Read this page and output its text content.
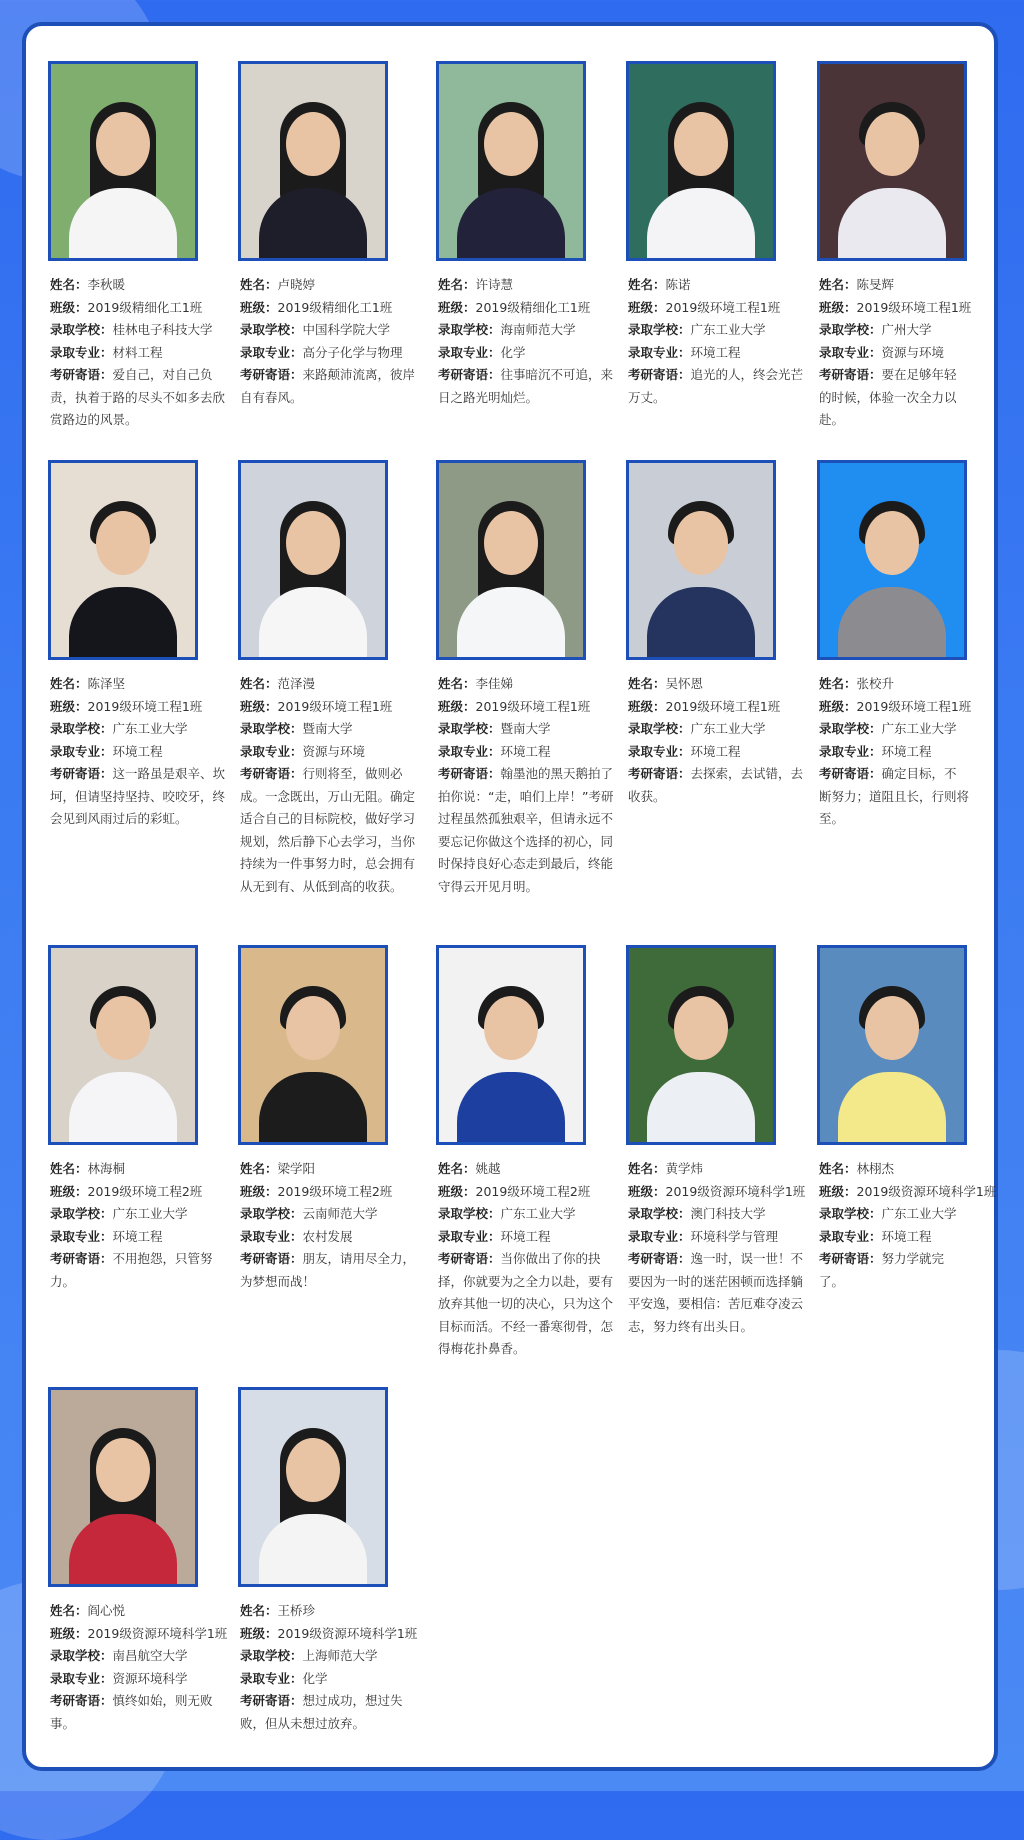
姓名：李秋暖
班级：2019级精细化工1班
录取学校：桂林电子科技大学
录取专业：材料工程
考研寄语：爱自己，对自己负责，执着于路的尽头不如多去欣赏路边的风景。
姓名：卢晓婷
班级：2019级精细化工1班
录取学校：中国科学院大学
录取专业：高分子化学与物理
考研寄语：来路颠沛流离，彼岸自有春风。
姓名：许诗慧
班级：2019级精细化工1班
录取学校：海南师范大学
录取专业：化学
考研寄语：往事暗沉不可追，来日之路光明灿烂。
姓名：陈诺
班级：2019级环境工程1班
录取学校：广东工业大学
录取专业：环境工程
考研寄语：追光的人，终会光芒万丈。
姓名：陈旻辉
班级：2019级环境工程1班
录取学校：广州大学
录取专业：资源与环境
考研寄语：要在足够年轻的时候，体验一次全力以赴。
姓名：陈泽坚
班级：2019级环境工程1班
录取学校：广东工业大学
录取专业：环境工程
考研寄语：这一路虽是艰辛、坎坷，但请坚持坚持、咬咬牙，终会见到风雨过后的彩虹。
姓名：范泽漫
班级：2019级环境工程1班
录取学校：暨南大学
录取专业：资源与环境
考研寄语：行则将至，做则必成。一念既出，万山无阻。确定适合自己的目标院校，做好学习规划，然后静下心去学习，当你持续为一件事努力时，总会拥有从无到有、从低到高的收获。
姓名：李佳娣
班级：2019级环境工程1班
录取学校：暨南大学
录取专业：环境工程
考研寄语：翰墨池的黑天鹅拍了拍你说：“走，咱们上岸！”考研过程虽然孤独艰辛，但请永远不要忘记你做这个选择的初心，同时保持良好心态走到最后，终能守得云开见月明。
姓名：吴怀恩
班级：2019级环境工程1班
录取学校：广东工业大学
录取专业：环境工程
考研寄语：去探索，去试错，去收获。
姓名：张校升
班级：2019级环境工程1班
录取学校：广东工业大学
录取专业：环境工程
考研寄语：确定目标，不断努力；道阻且长，行则将至。
姓名：林海桐
班级：2019级环境工程2班
录取学校：广东工业大学
录取专业：环境工程
考研寄语：不用抱怨，只管努力。
姓名：梁学阳
班级：2019级环境工程2班
录取学校：云南师范大学
录取专业：农村发展
考研寄语：朋友，请用尽全力，为梦想而战！
姓名：姚越
班级：2019级环境工程2班
录取学校：广东工业大学
录取专业：环境工程
考研寄语：当你做出了你的抉择，你就要为之全力以赴，要有放弃其他一切的决心，只为这个目标而活。不经一番寒彻骨，怎得梅花扑鼻香。
姓名：黄学炜
班级：2019级资源环境科学1班
录取学校：澳门科技大学
录取专业：环境科学与管理
考研寄语：逸一时，误一世！不要因为一时的迷茫困顿而选择躺平安逸，要相信：苦厄难夺凌云志，努力终有出头日。
姓名：林栩杰
班级：2019级资源环境科学1班
录取学校：广东工业大学
录取专业：环境工程
考研寄语：努力学就完了。
姓名：阎心悦
班级：2019级资源环境科学1班
录取学校：南昌航空大学
录取专业：资源环境科学
考研寄语：慎终如始，则无败事。
姓名：王桥珍
班级：2019级资源环境科学1班
录取学校：上海师范大学
录取专业：化学
考研寄语：想过成功，想过失败，但从未想过放弃。
